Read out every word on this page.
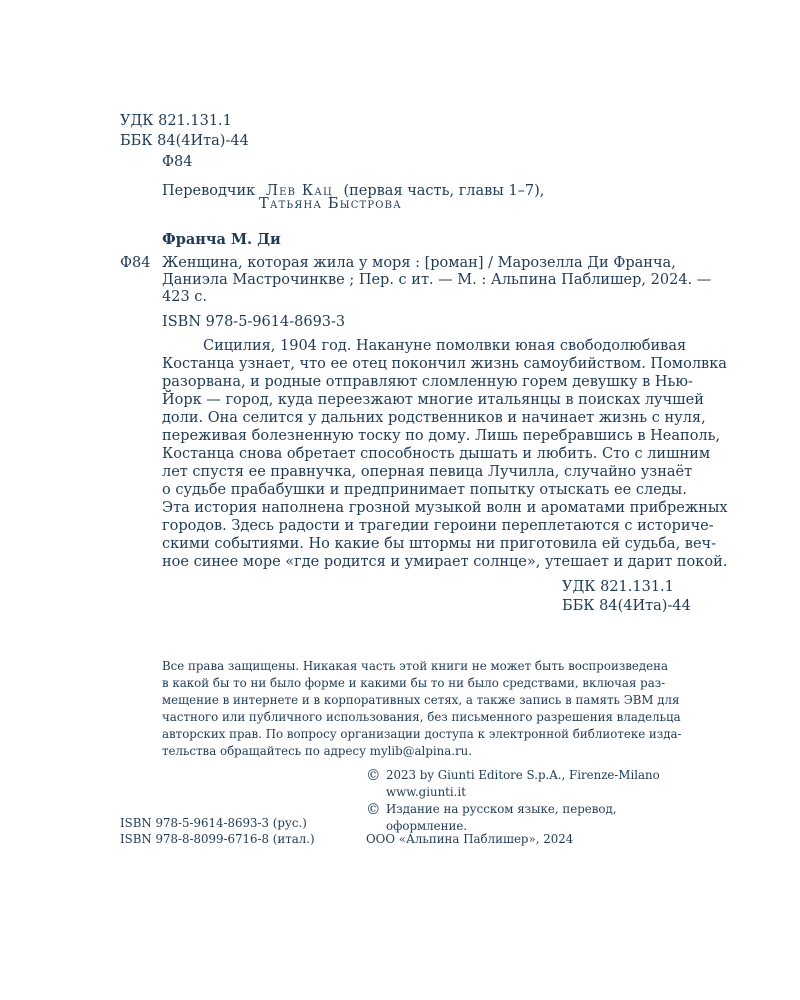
УДК 821.131.1
ББК 84(4Ита)-44
Ф84
Переводчик Лев Кац (первая часть, главы 1–7),
Татьяна Быстрова
Франча М. Ди
Ф84 Женщина, которая жила у моря : [роман] / Марозелла Ди Франча,
Даниэла Мастрочинкве ; Пер. с ит. — М. : Альпина Паблишер, 2024. —
423 с.
ISBN 978-5-9614-8693-3
Сицилия, 1904 год. Накануне помолвки юная свободолюбивая
Костанца узнает, что ее отец покончил жизнь самоубийством. Помолвка
разорвана, и родные отправляют сломленную горем девушку в Нью-
Йорк — город, куда переезжают многие итальянцы в поисках лучшей
доли. Она селится у дальних родственников и начинает жизнь с нуля,
переживая болезненную тоску по дому. Лишь перебравшись в Неаполь,
Костанца снова обретает способность дышать и любить. Сто с лишним
лет спустя ее правнучка, оперная певица Лучилла, случайно узнаёт
о судьбе прабабушки и предпринимает попытку отыскать ее следы.
Эта история наполнена грозной музыкой волн и ароматами прибрежных
городов. Здесь радости и трагедии героини переплетаются с историче-
скими событиями. Но какие бы штормы ни приготовила ей судьба, веч-
ное синее море «где родится и умирает солнце», утешает и дарит покой.
УДК 821.131.1
ББК 84(4Ита)-44
Все права защищены. Никакая часть этой книги не может быть воспроизведена
в какой бы то ни было форме и какими бы то ни было средствами, включая раз-
мещение в интернете и в корпоративных сетях, а также запись в память ЭВМ для
частного или публичного использования, без письменного разрешения владельца
авторских прав. По вопросу организации доступа к электронной библиотеке изда-
тельства обращайтесь по адресу mylib@alpina.ru.
© 2023 by Giunti Editore S.p.A., Firenze-Milano
www.giunti.it
© Издание на русском языке, перевод,
оформление.
ООО «Альпина Паблишер», 2024
ISBN 978-5-9614-8693-3 (рус.)
ISBN 978-8-8099-6716-8 (итал.)
